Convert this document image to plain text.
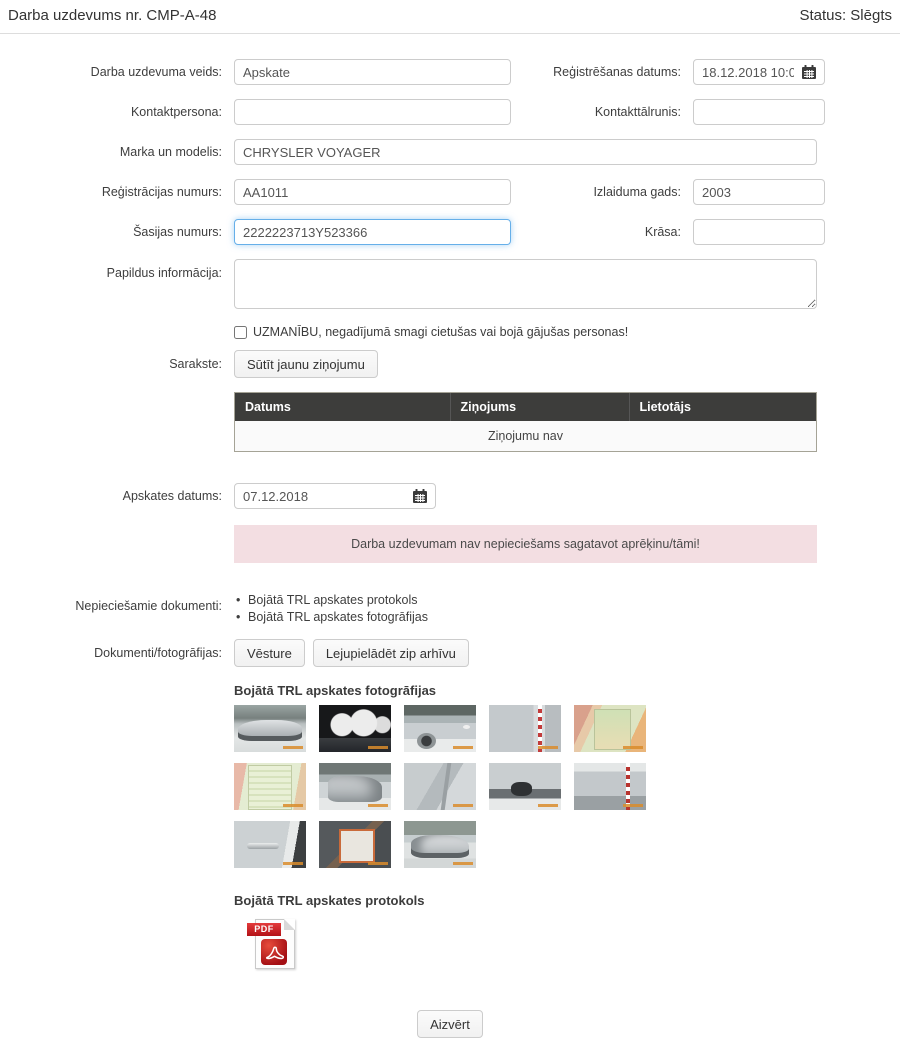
Darba uzdevums nr. CMP-A-48	Status: Slēgts
Darba uzdevuma veids:
Apskate	Reģistrēšanas datums:
18.12.2018 10:07
Kontaktpersona:	Kontakttālrunis:
Marka un modelis:
CHRYSLER VOYAGER
Reģistrācijas numurs:
AA1011	Izlaiduma gads:
2003
Šasijas numurs:
2222223713Y523366	Krāsa:
Papildus informācija:
UZMANĪBU, negadījumā smagi cietušas vai bojā gājušas personas!
Sarakste:	Sūtīt jaunu ziņojumu
Datums	Ziņojums	Lietotājs
Ziņojumu nav
Apskates datums:
07.12.2018
Darba uzdevumam nav nepieciešams sagatavot aprēķinu/tāmi!
Nepieciešamie dokumenti:	• Bojātā TRL apskates protokols
• Bojātā TRL apskates fotogrāfijas
Dokumenti/fotogrāfijas:	Vēsture	Lejupielādēt zip arhīvu
Bojātā TRL apskates fotogrāfijas
Bojātā TRL apskates protokols
PDF
Aizvērt
